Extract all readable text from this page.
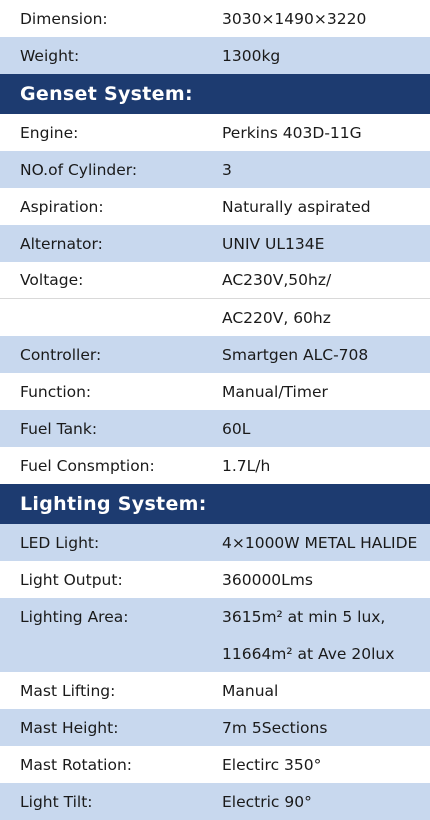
Dimension:	3030×1490×3220
Weight:	1300kg
Genset System:
Engine:	Perkins 403D-11G
NO.of Cylinder:	3
Aspiration:	Naturally aspirated
Alternator:	UNIV UL134E
Voltage:	AC230V,50hz/
AC220V, 60hz
Controller:	Smartgen ALC-708
Function:	Manual/Timer
Fuel Tank:	60L
Fuel Consmption:	1.7L/h
Lighting System:
LED Light:	4×1000W METAL HALIDE
Light Output:	360000Lms
Lighting Area:	3615m² at min 5 lux,
11664m² at Ave 20lux
Mast Lifting:	Manual
Mast Height:	7m 5Sections
Mast Rotation:	Electirc 350°
Light Tilt:	Electric 90°
